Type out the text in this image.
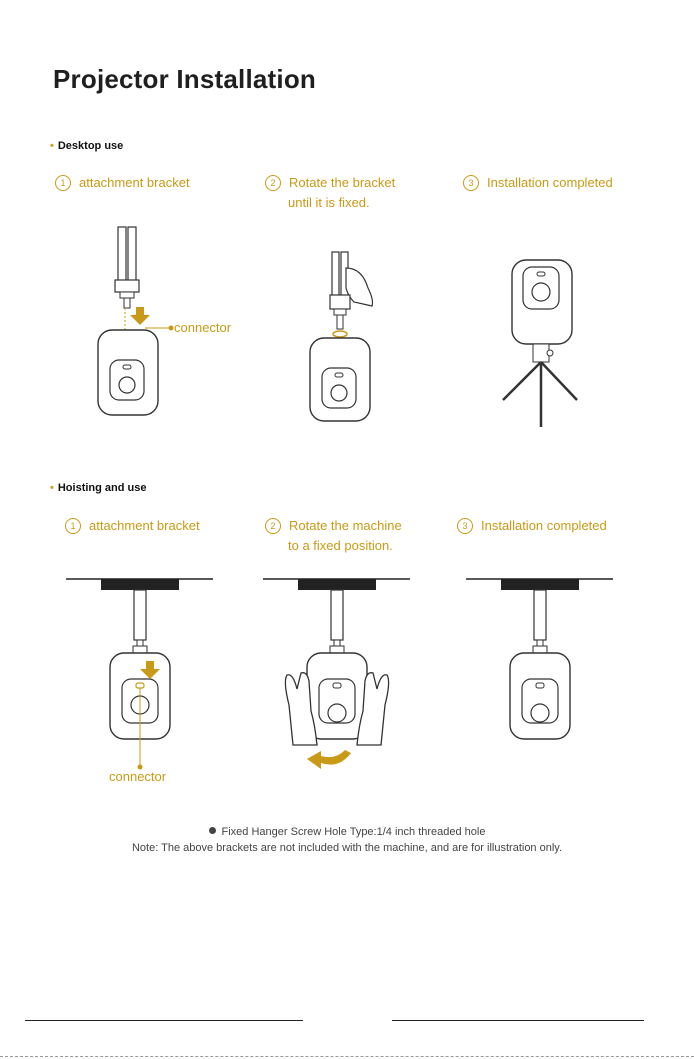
Projector Installation
• Desktop use
1 attachment bracket	2 Rotate the bracket
until it is fixed.
3 Installation completed
connector
• Hoisting and use
1 attachment bracket	2 Rotate the machine
to a fixed position.
3 Installation completed
connector
Fixed Hanger Screw Hole Type:1/4 inch threaded hole
Note: The above brackets are not included with the machine, and are for illustration only.
